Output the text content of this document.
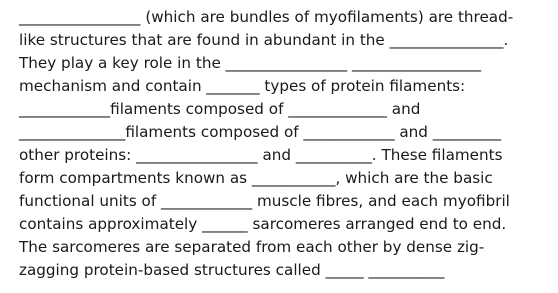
________________ (which are bundles of myofilaments) are thread-
like structures that are found in abundant in the _______________.
They play a key role in the ________________ _________________
mechanism and contain _______ types of protein filaments:
____________filaments composed of _____________ and
______________filaments composed of ____________ and _________
other proteins: ________________ and __________. These filaments
form compartments known as ___________, which are the basic
functional units of ____________ muscle fibres, and each myofibril
contains approximately ______ sarcomeres arranged end to end.
The sarcomeres are separated from each other by dense zig-
zagging protein-based structures called _____ __________
